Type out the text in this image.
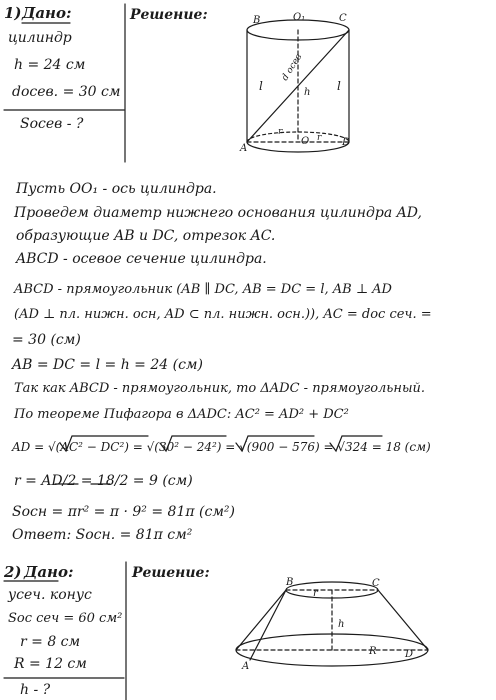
1) Дано:
цилиндр
h = 24 см
dосев. = 30 см
Sосев - ?
Решение:	B	O₁	C
A
O	D
l	l
h
r
r
d осев
Пусть OO₁ - ось цилиндра.
Проведем диаметр нижнего основания цилиндра AD,
образующие AB и DC, отрезок AC.
ABCD - осевое сечение цилиндра.
ABCD - прямоугольник (AB ∥ DC, AB = DC = l, AB ⊥ AD
(AD ⊥ пл. нижн. осн, AD ⊂ пл. нижн. осн.)), AC = dос сеч. =
= 30 (см)
AB = DC = l = h = 24 (см)
Так как ABCD - прямоугольник, то ΔADC - прямоугольный.
По теореме Пифагора в ΔADC: AC² = AD² + DC²
AD = √(AC² − DC²) = √(30² − 24²) = √(900 − 576) = √324 = 18 (см)
r = AD/2 = 18/2 = 9 (см)
Sосн = πr² = π · 9² = 81π (см²)
Ответ: Sосн. = 81π см²
2) Дано:
усеч. конус
Sос сеч = 60 см²
r = 8 см
R = 12 см
h - ?
Решение:
B	C
A
D
r
R
h
